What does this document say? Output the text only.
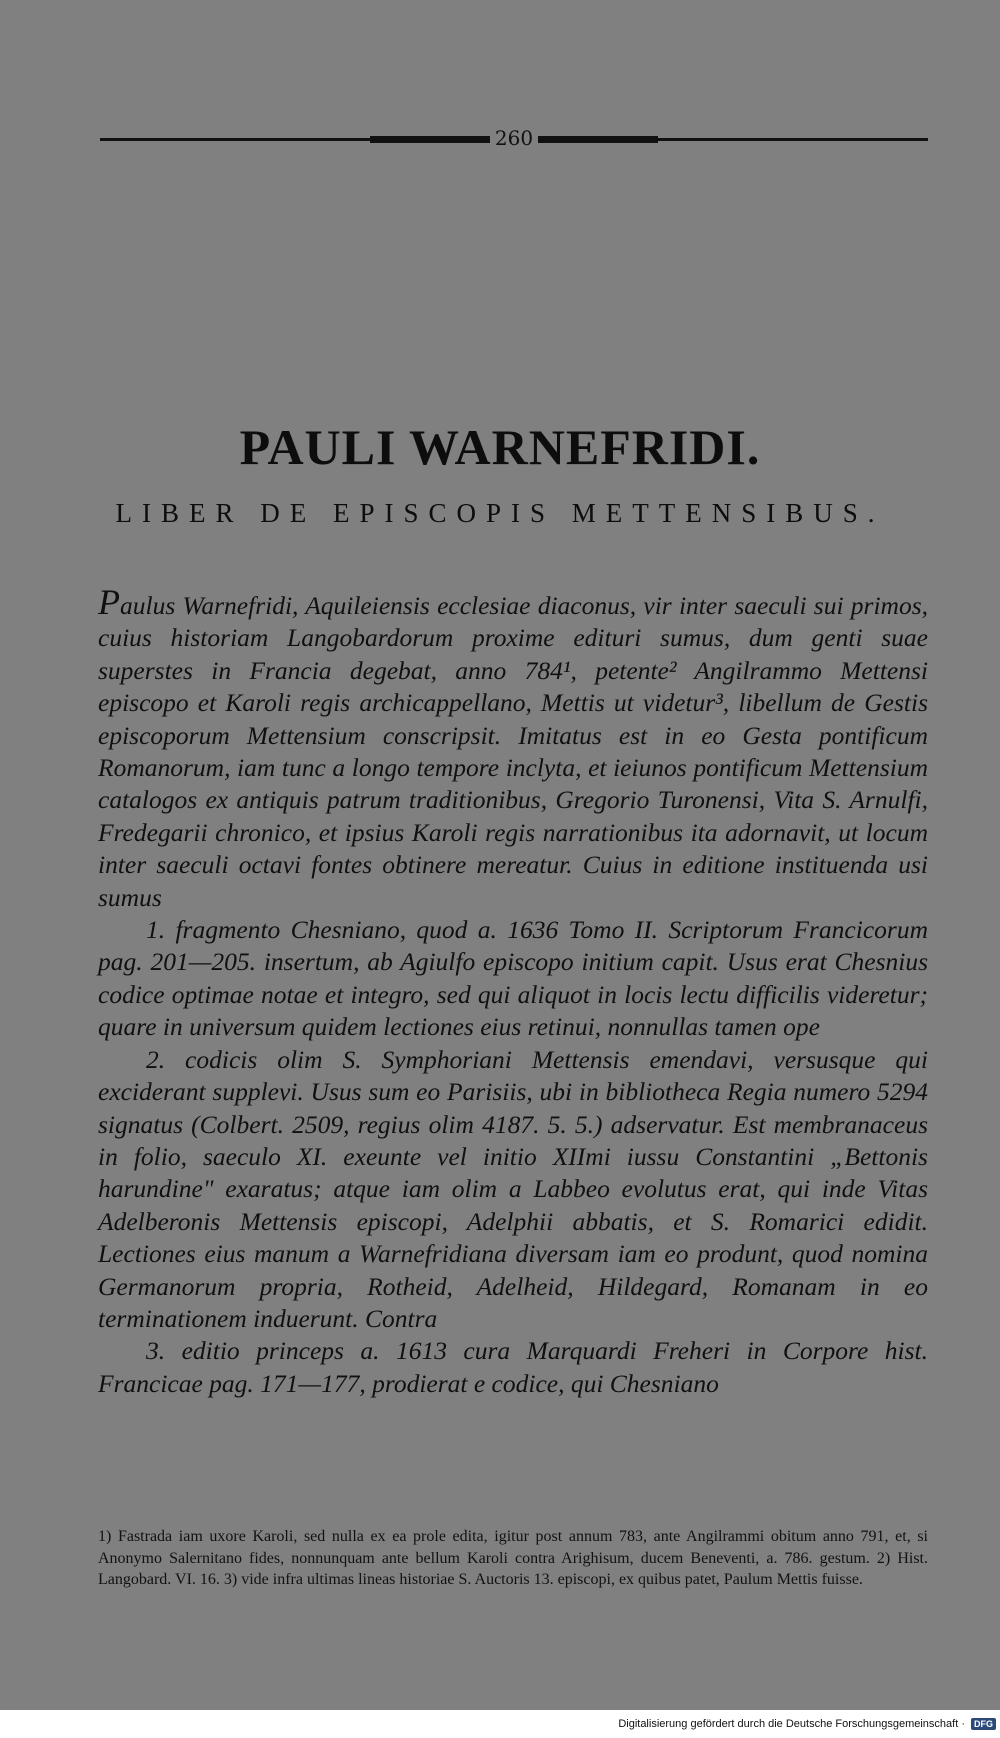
260
PAULI WARNEFRIDI.
LIBER DE EPISCOPIS METTENSIBUS.

Paulus Warnefridi, Aquileiensis ecclesiae diaconus, vir inter saeculi sui primos, cuius historiam Langobardorum proxime edituri sumus, dum genti suae superstes in Francia degebat, anno 784¹, petente² Angilrammo Mettensi episcopo et Karoli regis archicappellano, Mettis ut videtur³, libellum de Gestis episcoporum Mettensium conscripsit. Imitatus est in eo Gesta pontificum Romanorum, iam tunc a longo tempore inclyta, et ieiunos pontificum Mettensium catalogos ex antiquis patrum traditionibus, Gregorio Turonensi, Vita S. Arnulfi, Fredegarii chronico, et ipsius Karoli regis narrationibus ita adornavit, ut locum inter saeculi octavi fontes obtinere mereatur. Cuius in editione instituenda usi sumus

1. fragmento Chesniano, quod a. 1636 Tomo II. Scriptorum Francicorum pag. 201—205. insertum, ab Agiulfo episcopo initium capit. Usus erat Chesnius codice optimae notae et integro, sed qui aliquot in locis lectu difficilis videretur; quare in universum quidem lectiones eius retinui, nonnullas tamen ope

2. codicis olim S. Symphoriani Mettensis emendavi, versusque qui exciderant supplevi. Usus sum eo Parisiis, ubi in bibliotheca Regia numero 5294 signatus (Colbert. 2509, regius olim 4187. 5. 5.) adservatur. Est membranaceus in folio, saeculo XI. exeunte vel initio XIImi iussu Constantini „Bettonis harundine" exaratus; atque iam olim a Labbeo evolutus erat, qui inde Vitas Adelberonis Mettensis episcopi, Adelphii abbatis, et S. Romarici edidit. Lectiones eius manum a Warnefridiana diversam iam eo produnt, quod nomina Germanorum propria, Rotheid, Adelheid, Hildegard, Romanam in eo terminationem induerunt. Contra

3. editio princeps a. 1613 cura Marquardi Freheri in Corpore hist. Francicae pag. 171—177, prodierat e codice, qui Chesniano

1) Fastrada iam uxore Karoli, sed nulla ex ea prole edita, igitur post annum 783, ante Angilrammi obitum anno 791, et, si Anonymo Salernitano fides, nonnunquam ante bellum Karoli contra Arighisum, ducem Beneventi, a. 786. gestum. 2) Hist. Langobard. VI. 16. 3) vide infra ultimas lineas historiae S. Auctoris 13. episcopi, ex quibus patet, Paulum Mettis fuisse.
Digitalisierung gefördert durch die Deutsche Forschungsgemeinschaft · DFG
